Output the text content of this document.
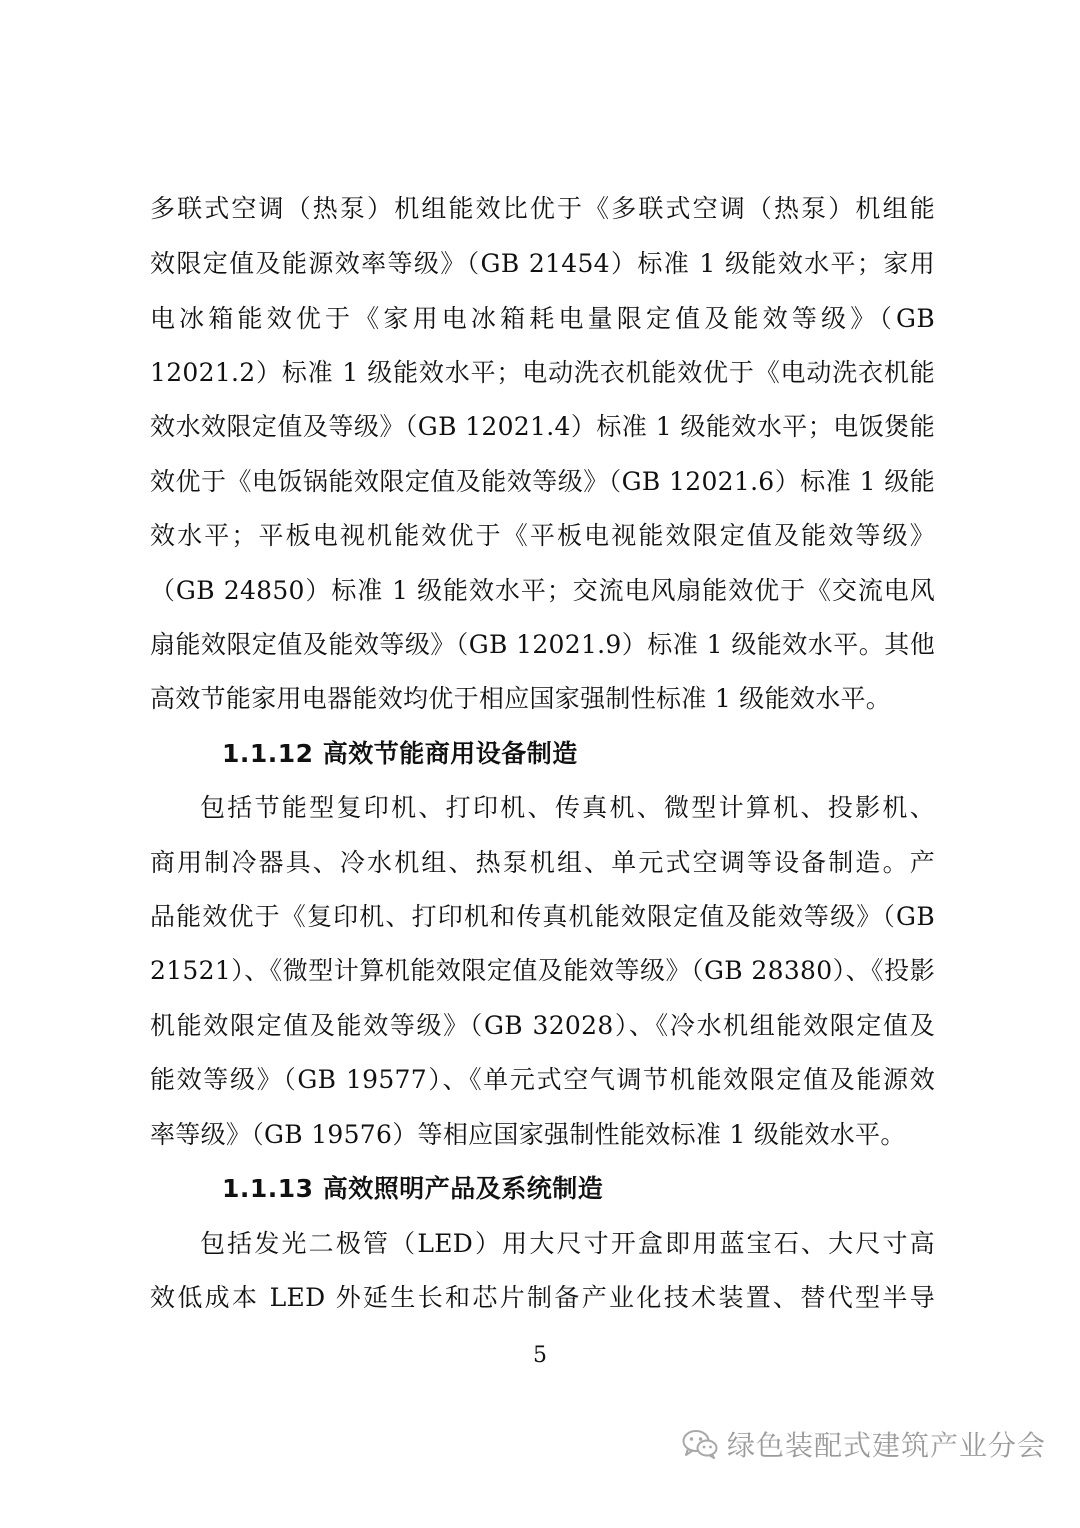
多联式空调（热泵）机组能效比优于《多联式空调（热泵）机组能
效限定值及能源效率等级》（GB 21454）标准 1 级能效水平；家用
电冰箱能效优于《家用电冰箱耗电量限定值及能效等级》（GB
12021.2）标准 1 级能效水平；电动洗衣机能效优于《电动洗衣机能
效水效限定值及等级》（GB 12021.4）标准 1 级能效水平；电饭煲能
效优于《电饭锅能效限定值及能效等级》（GB 12021.6）标准 1 级能
效水平；平板电视机能效优于《平板电视能效限定值及能效等级》
（GB 24850）标准 1 级能效水平；交流电风扇能效优于《交流电风
扇能效限定值及能效等级》（GB 12021.9）标准 1 级能效水平。其他
高效节能家用电器能效均优于相应国家强制性标准 1 级能效水平。
1.1.12 高效节能商用设备制造
包括节能型复印机、打印机、传真机、微型计算机、投影机、
商用制冷器具、冷水机组、热泵机组、单元式空调等设备制造。产
品能效优于《复印机、打印机和传真机能效限定值及能效等级》（GB
21521）、《微型计算机能效限定值及能效等级》（GB 28380）、《投影
机能效限定值及能效等级》（GB 32028）、《冷水机组能效限定值及
能效等级》（GB 19577）、《单元式空气调节机能效限定值及能源效
率等级》（GB 19576）等相应国家强制性能效标准 1 级能效水平。
1.1.13 高效照明产品及系统制造
包括发光二极管（LED）用大尺寸开盒即用蓝宝石、大尺寸高
效低成本 LED 外延生长和芯片制备产业化技术装置、替代型半导
5
绿色装配式建筑产业分会
